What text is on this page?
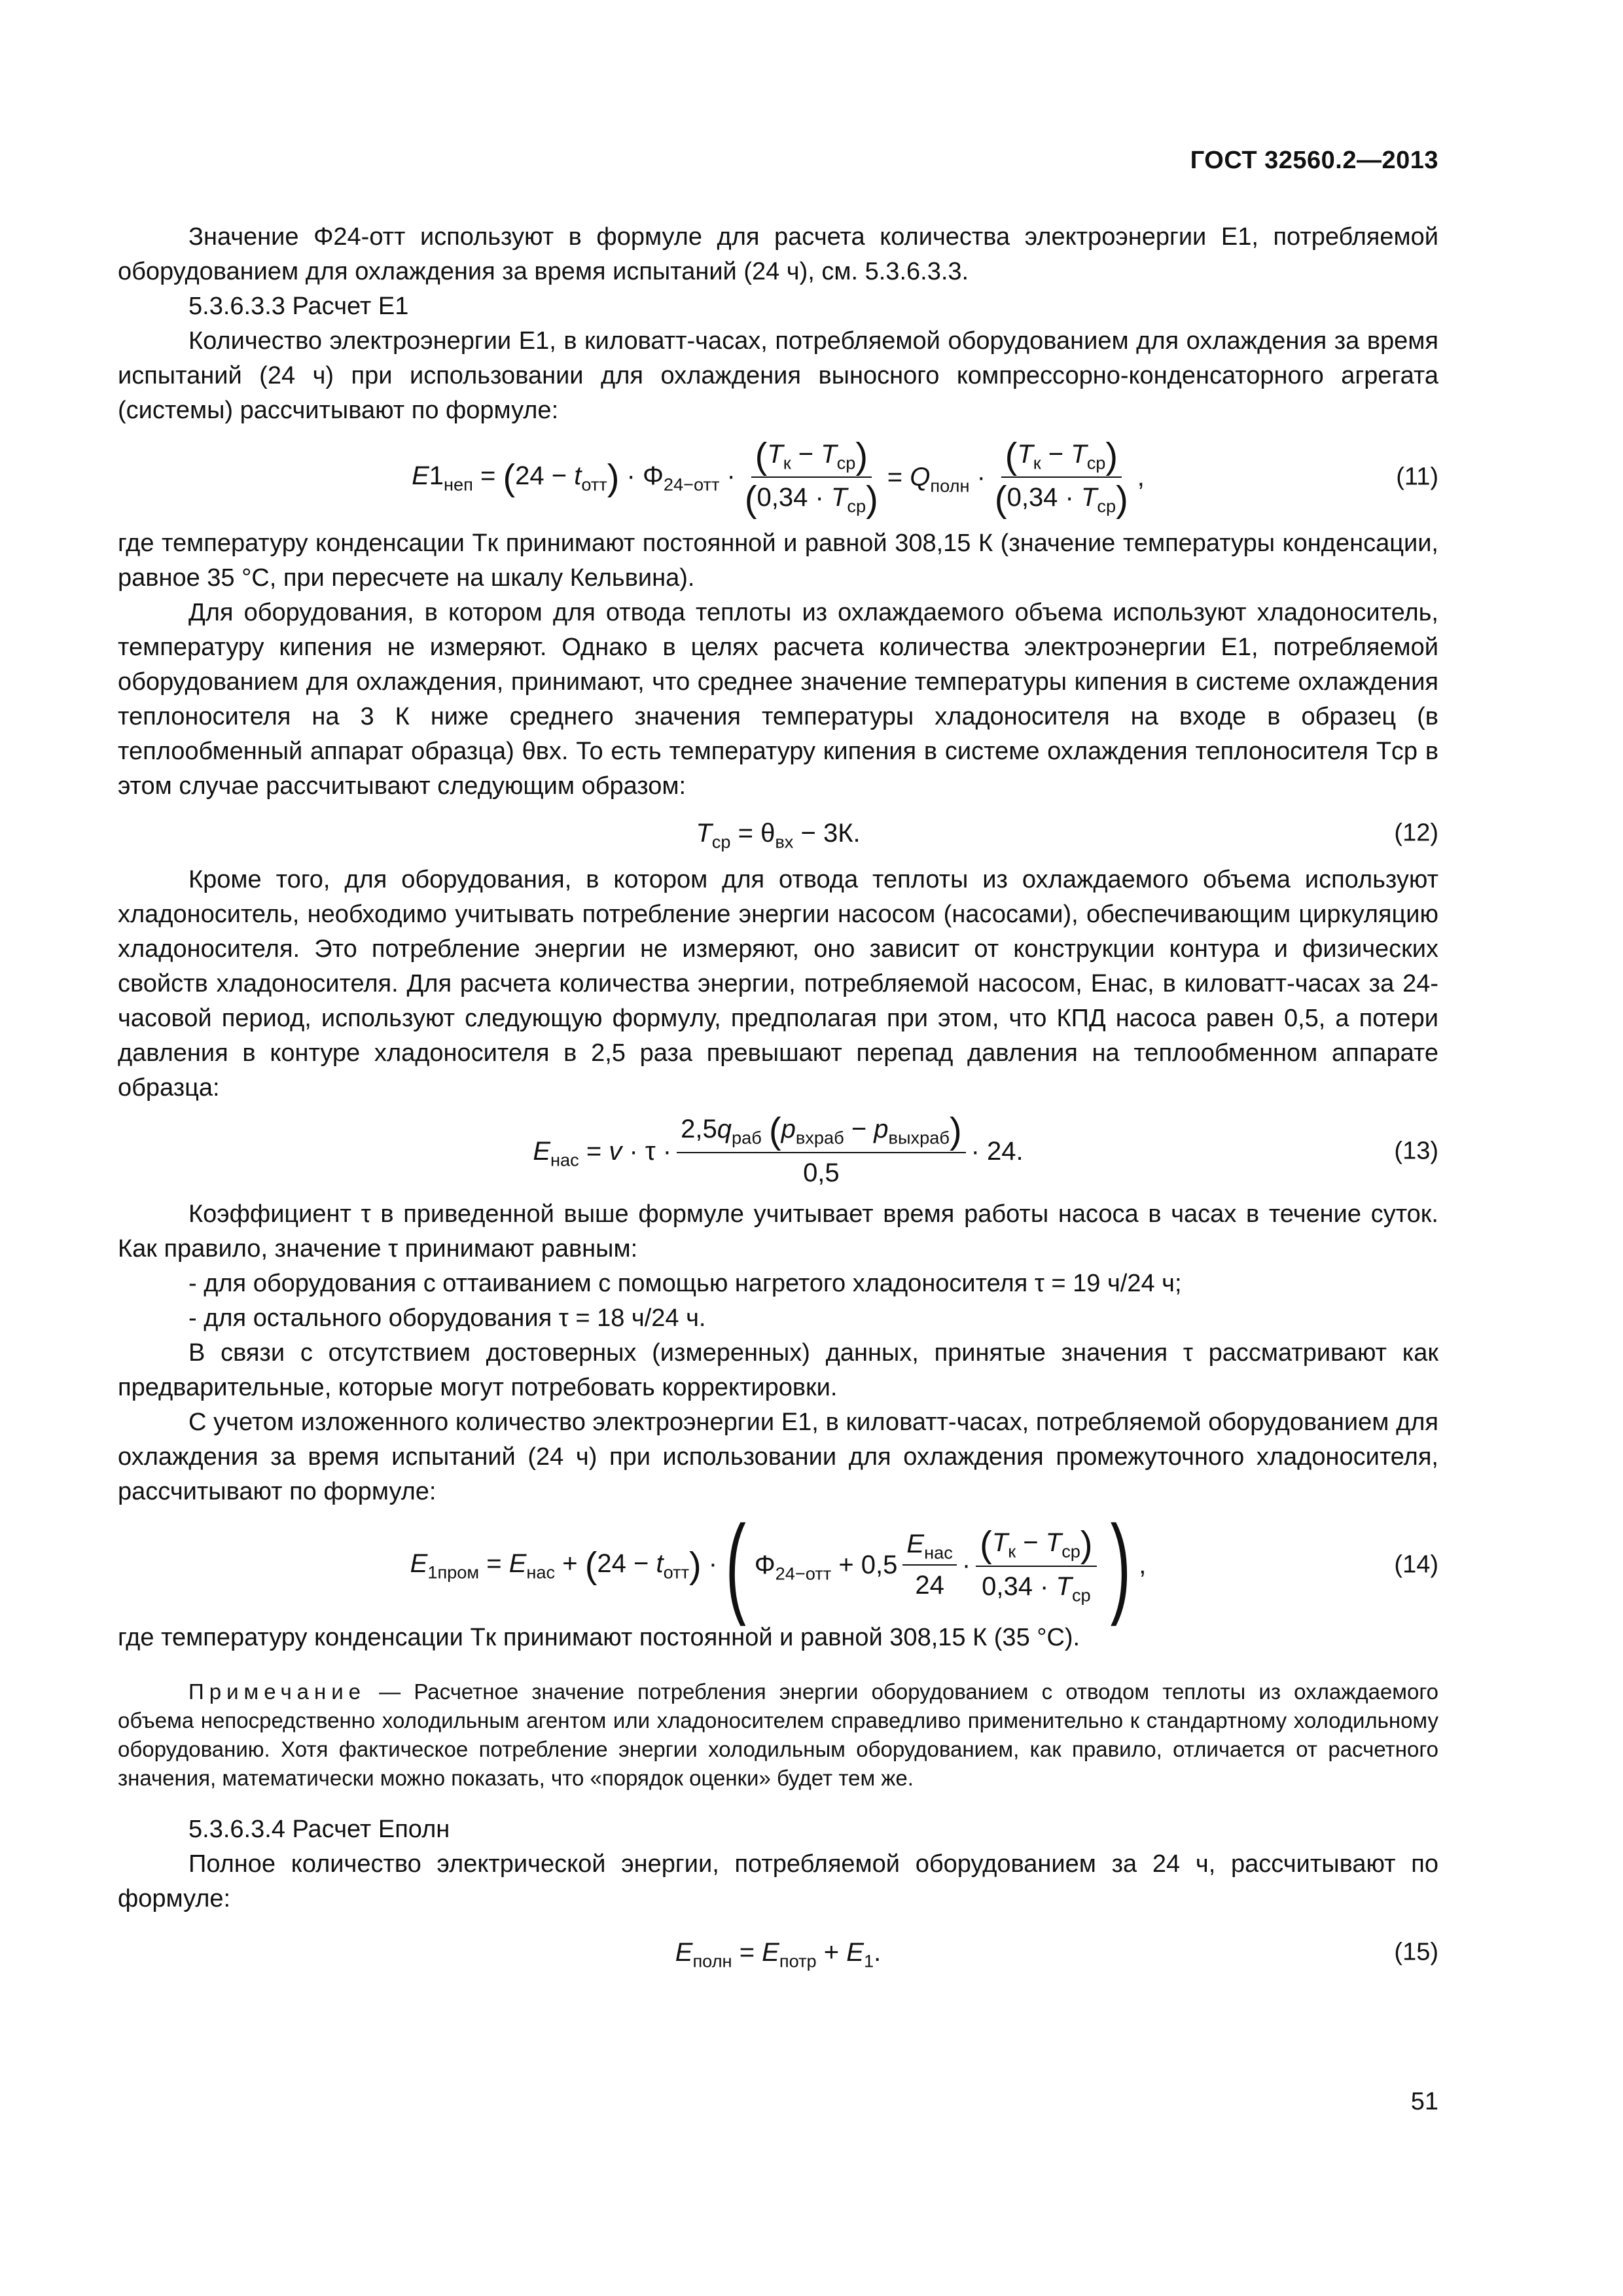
ГОСТ 32560.2—2013

Значение Φ24-отт используют в формуле для расчета количества электроэнергии E1, потребляемой оборудованием для охлаждения за время испытаний (24 ч), см. 5.3.6.3.3.

5.3.6.3.3 Расчет E1

Количество электроэнергии E1, в киловатт-часах, потребляемой оборудованием для охлаждения за время испытаний (24 ч) при использовании для охлаждения выносного компрессорно-конденсаторного агрегата (системы) рассчитывают по формуле:

$E1_{неп} = (24 - t_{отт}) \cdot \Phi_{24-отт} \cdot \frac{(T_к - T_{ср})}{(0,34 \cdot T_{ср})} = Q_{полн} \cdot \frac{(T_к - T_{ср})}{(0,34 \cdot T_{ср})}$ ,	(11)

где температуру конденсации Tк принимают постоянной и равной 308,15 К (значение температуры конденсации, равное 35 °C, при пересчете на шкалу Кельвина).

Для оборудования, в котором для отвода теплоты из охлаждаемого объема используют хладоноситель, температуру кипения не измеряют. Однако в целях расчета количества электроэнергии E1, потребляемой оборудованием для охлаждения, принимают, что среднее значение температуры кипения в системе охлаждения теплоносителя на 3 К ниже среднего значения температуры хладоносителя на входе в образец (в теплообменный аппарат образца) θвх. То есть температуру кипения в системе охлаждения теплоносителя Tср в этом случае рассчитывают следующим образом:

$T_{ср} = \theta_{вх} - 3К$.	(12)

Кроме того, для оборудования, в котором для отвода теплоты из охлаждаемого объема используют хладоноситель, необходимо учитывать потребление энергии насосом (насосами), обеспечивающим циркуляцию хладоносителя. Это потребление энергии не измеряют, оно зависит от конструкции контура и физических свойств хладоносителя. Для расчета количества энергии, потребляемой насосом, Eнас, в киловатт-часах за 24-часовой период, используют следующую формулу, предполагая при этом, что КПД насоса равен 0,5, а потери давления в контуре хладоносителя в 2,5 раза превышают перепад давления на теплообменном аппарате образца:

$E_{нас} = v \cdot \tau \cdot \frac{2,5q_{раб} (p_{вхраб} - p_{выхраб})}{0,5} \cdot 24$.	(13)

Коэффициент τ в приведенной выше формуле учитывает время работы насоса в часах в течение суток. Как правило, значение τ принимают равным:

- для оборудования с оттаиванием с помощью нагретого хладоносителя τ = 19 ч/24 ч;

- для остального оборудования τ = 18 ч/24 ч.

В связи с отсутствием достоверных (измеренных) данных, принятые значения τ рассматривают как предварительные, которые могут потребовать корректировки.

С учетом изложенного количество электроэнергии E1, в киловатт-часах, потребляемой оборудованием для охлаждения за время испытаний (24 ч) при использовании для охлаждения промежуточного хладоносителя, рассчитывают по формуле:

$E_{1пром} = E_{нас} + (24 - t_{отт})$ · ( $\Phi_{24-отт} + 0,5 \frac{E_{нас}}{24} \cdot \frac{(T_к - T_{ср})}{0,34 \cdot T_{ср}}$ ) ,	(14)

где температуру конденсации Tк принимают постоянной и равной 308,15 К (35 °С).

Примечание — Расчетное значение потребления энергии оборудованием с отводом теплоты из охлаждаемого объема непосредственно холодильным агентом или хладоносителем справедливо применительно к стандартному холодильному оборудованию. Хотя фактическое потребление энергии холодильным оборудованием, как правило, отличается от расчетного значения, математически можно показать, что «порядок оценки» будет тем же.

5.3.6.3.4 Расчет Eполн

Полное количество электрической энергии, потребляемой оборудованием за 24 ч, рассчитывают по формуле:

$E_{полн} = E_{потр} + E_1$.	(15)
51
